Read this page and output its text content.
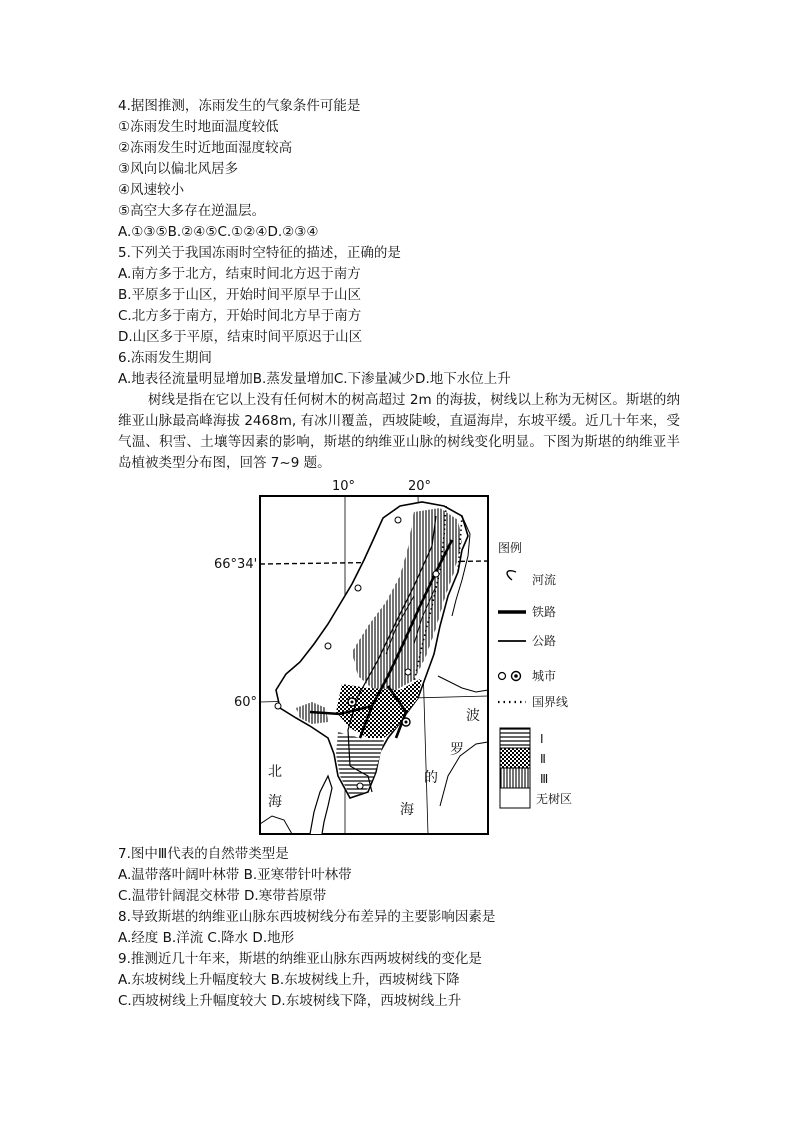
4.据图推测，冻雨发生的气象条件可能是
①冻雨发生时地面温度较低
②冻雨发生时近地面湿度较高
③风向以偏北风居多
④风速较小
⑤高空大多存在逆温层。
A.①③⑤B.②④⑤C.①②④D.②③④
5.下列关于我国冻雨时空特征的描述，正确的是
A.南方多于北方，结束时间北方迟于南方
B.平原多于山区，开始时间平原早于山区
C.北方多于南方，开始时间北方早于南方
D.山区多于平原，结束时间平原迟于山区
6.冻雨发生期间
A.地表径流量明显增加B.蒸发量增加C.下渗量减少D.地下水位上升
树线是指在它以上没有任何树木的树高超过 2m 的海拔，树线以上称为无树区。斯堪的纳维亚山脉最高峰海拔 2468m, 有冰川覆盖，西坡陡峻，直逼海岸，东坡平缓。近几十年来，受气温、积雪、土壤等因素的影响，斯堪的纳维亚山脉的树线变化明显。下图为斯堪的纳维亚半岛植被类型分布图，回答 7~9 题。
10°	20°
66°34'
60°
北
海
波
罗
的
海
图例
河流
铁路
公路
城市
国界线
Ⅰ
Ⅱ
Ⅲ
无树区
7.图中Ⅲ代表的自然带类型是
A.温带落叶阔叶林带 B.亚寒带针叶林带
C.温带针阔混交林带 D.寒带苔原带
8.导致斯堪的纳维亚山脉东西坡树线分布差异的主要影响因素是
A.经度 B.洋流 C.降水 D.地形
9.推测近几十年来，斯堪的纳维亚山脉东西两坡树线的变化是
A.东坡树线上升幅度较大 B.东坡树线上升，西坡树线下降
C.西坡树线上升幅度较大 D.东坡树线下降，西坡树线上升
